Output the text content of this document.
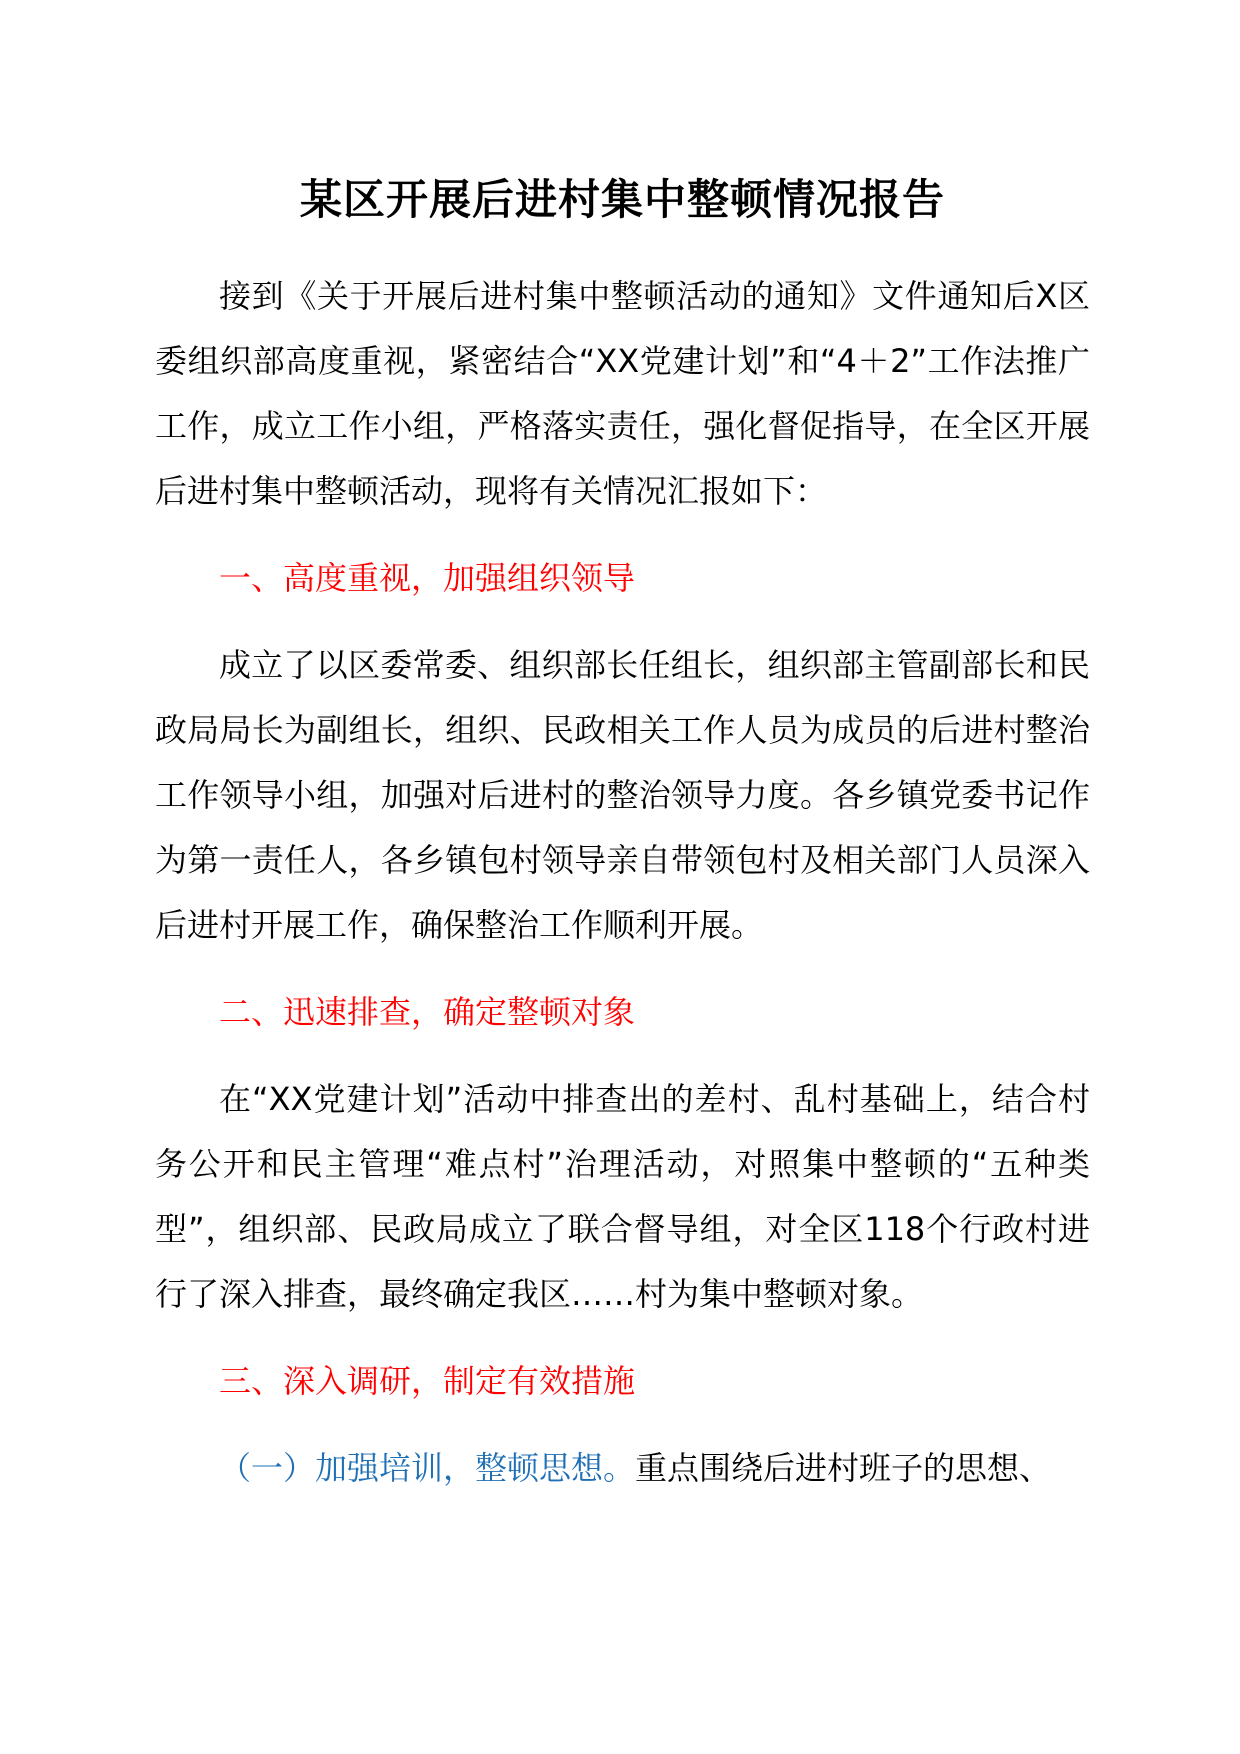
某区开展后进村集中整顿情况报告

接到《关于开展后进村集中整顿活动的通知》文件通知后X区委组织部高度重视，紧密结合“XX党建计划”和“4＋2”工作法推广工作，成立工作小组，严格落实责任，强化督促指导，在全区开展后进村集中整顿活动，现将有关情况汇报如下：

一、高度重视，加强组织领导

成立了以区委常委、组织部长任组长，组织部主管副部长和民政局局长为副组长，组织、民政相关工作人员为成员的后进村整治工作领导小组，加强对后进村的整治领导力度。各乡镇党委书记作为第一责任人，各乡镇包村领导亲自带领包村及相关部门人员深入后进村开展工作，确保整治工作顺利开展。

二、迅速排查，确定整顿对象

在“XX党建计划”活动中排查出的差村、乱村基础上，结合村务公开和民主管理“难点村”治理活动，对照集中整顿的“五种类型”，组织部、民政局成立了联合督导组，对全区118个行政村进行了深入排查，最终确定我区……村为集中整顿对象。

三、深入调研，制定有效措施

（一）加强培训，整顿思想。重点围绕后进村班子的思想、
